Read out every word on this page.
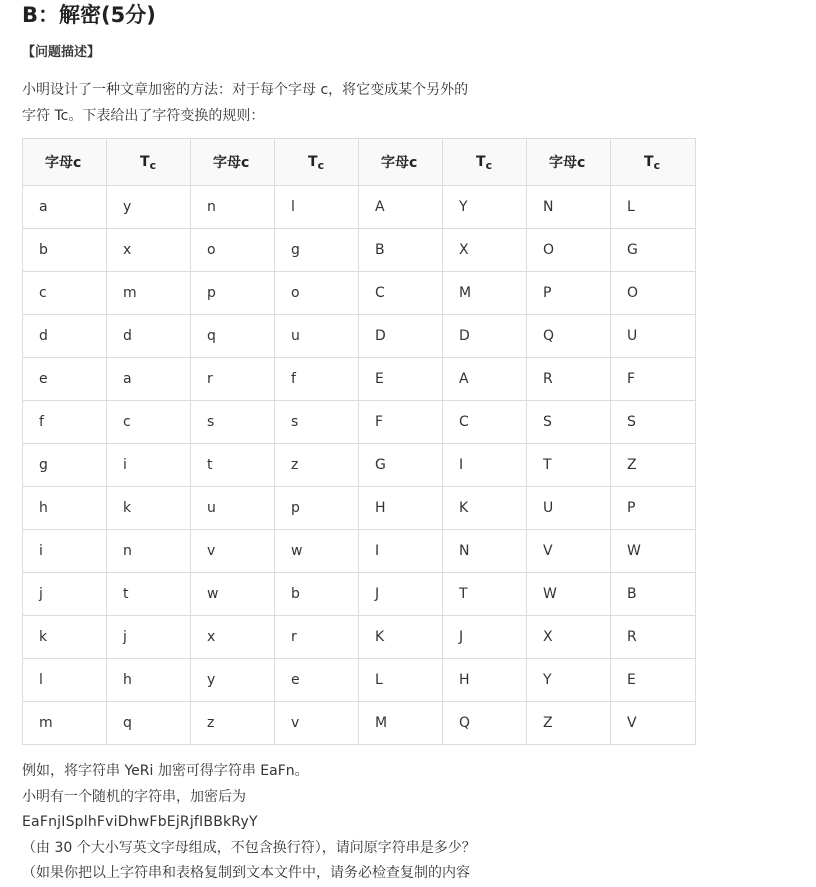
B：解密(5分)
【问题描述】

小明设计了一种文章加密的方法：对于每个字母 c，将它变成某个另外的

字符 Tc。下表给出了字符变换的规则：

字母c	$T_c$	字母c	$T_c$	字母c	$T_c$	字母c	$T_c$
a	y	n	l	A	Y	N	L
b	x	o	g	B	X	O	G
c	m	p	o	C	M	P	O
d	d	q	u	D	D	Q	U
e	a	r	f	E	A	R	F
f	c	s	s	F	C	S	S
g	i	t	z	G	I	T	Z
h	k	u	p	H	K	U	P
i	n	v	w	I	N	V	W
j	t	w	b	J	T	W	B
k	j	x	r	K	J	X	R
l	h	y	e	L	H	Y	E
m	q	z	v	M	Q	Z	V

例如，将字符串 YeRi 加密可得字符串 EaFn。

小明有一个随机的字符串，加密后为

EaFnjISplhFviDhwFbEjRjfIBBkRyY

（由 30 个大小写英文字母组成，不包含换行符），请问原字符串是多少？

（如果你把以上字符串和表格复制到文本文件中，请务必检查复制的内容
